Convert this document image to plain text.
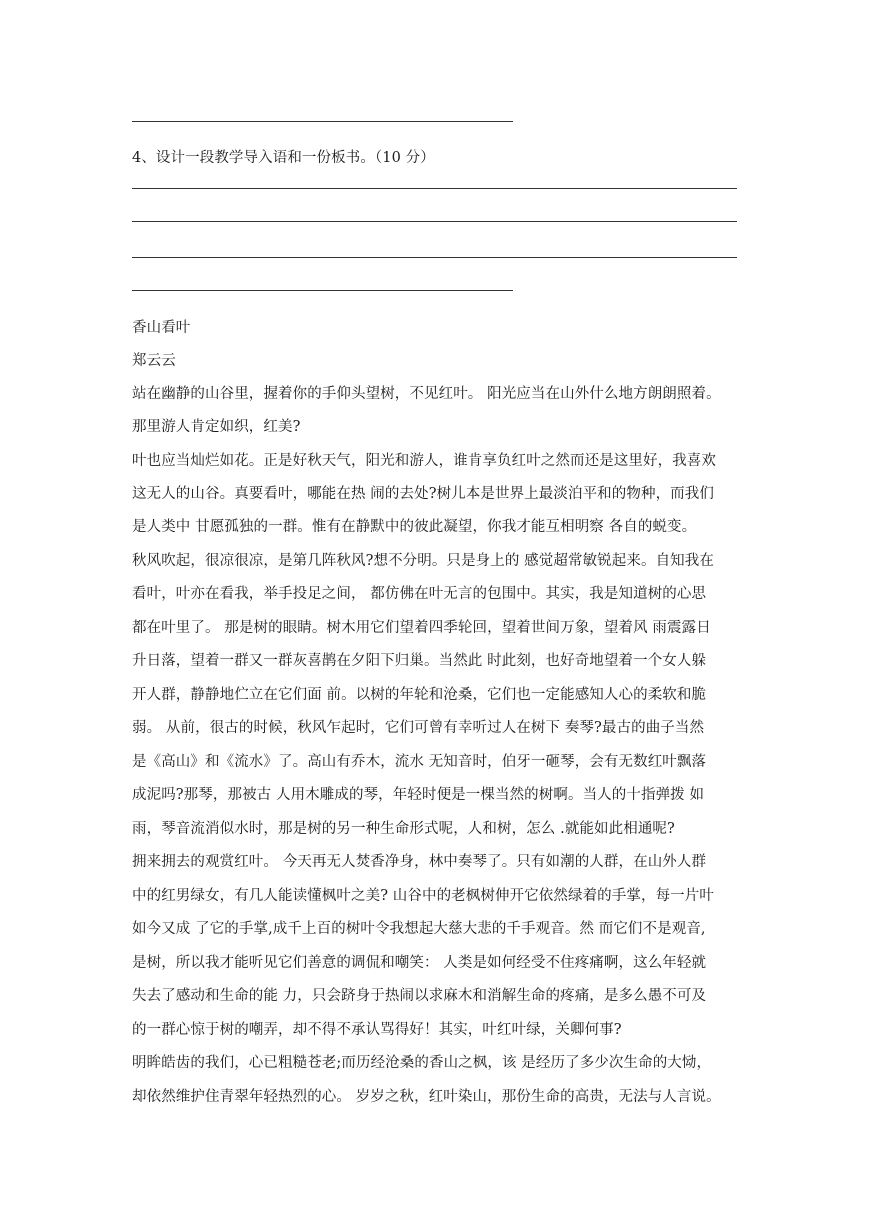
4、设计一段教学导入语和一份板书。（10 分）
香山看叶
郑云云
站在幽静的山谷里，握着你的手仰头望树，不见红叶。 阳光应当在山外什么地方朗朗照着。
那里游人肯定如织，红美?
叶也应当灿烂如花。正是好秋天气，阳光和游人，谁肯享负红叶之然而还是这里好，我喜欢
这无人的山谷。真要看叶，哪能在热 闹的去处?树儿本是世界上最淡泊平和的物种，而我们
是人类中 甘愿孤独的一群。惟有在静默中的彼此凝望，你我才能互相明察 各自的蜕变。
秋风吹起，很凉很凉，是第几阵秋风?想不分明。只是身上的 感觉超常敏锐起来。自知我在
看叶，叶亦在看我，举手投足之间， 都仿佛在叶无言的包围中。其实，我是知道树的心思
都在叶里了。 那是树的眼睛。树木用它们望着四季轮回，望着世间万象，望着风 雨震露日
升日落，望着一群又一群灰喜鹊在夕阳下归巢。当然此 时此刻，也好奇地望着一个女人躲
开人群，静静地伫立在它们面 前。以树的年轮和沧桑，它们也一定能感知人心的柔软和脆
弱。 从前，很古的时候，秋风乍起时，它们可曾有幸听过人在树下 奏琴?最古的曲子当然
是《高山》和《流水》了。高山有乔木，流水 无知音时，伯牙一砸琴，会有无数红叶飘落
成泥吗?那琴，那被古 人用木雕成的琴，年轻时便是一棵当然的树啊。当人的十指弹拨 如
雨，琴音流消似水时，那是树的另一种生命形式呢，人和树，怎么 .就能如此相通呢?
拥来拥去的观赏红叶。 今天再无人焚香净身，林中奏琴了。只有如潮的人群，在山外人群
中的红男绿女，有几人能读懂枫叶之美? 山谷中的老枫树伸开它依然绿着的手掌，每一片叶
如今又成 了它的手掌,成千上百的树叶令我想起大慈大悲的千手观音。然 而它们不是观音,
是树，所以我才能听见它们善意的调侃和嘲笑： 人类是如何经受不住疼痛啊，这么年轻就
失去了感动和生命的能 力，只会跻身于热闹以求麻木和消解生命的疼痛，是多么愚不可及
的一群心惊于树的嘲弄，却不得不承认骂得好！其实，叶红叶绿，关卿何事?
明眸皓齿的我们，心已粗糙苍老;而历经沧桑的香山之枫，该 是经历了多少次生命的大恸，
却依然维护住青翠年轻热烈的心。 岁岁之秋，红叶染山，那份生命的高贵，无法与人言说。
